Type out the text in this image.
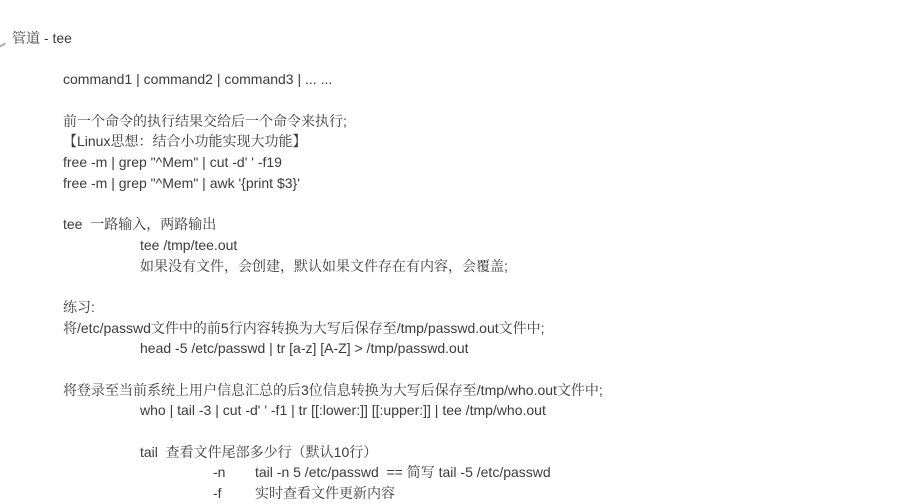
管道 - tee
command1 | command2 | command3 | ... ...
前一个命令的执行结果交给后一个命令来执行;
【Linux思想：结合小功能实现大功能】
free -m | grep "^Mem" | cut -d' ' -f19
free -m | grep "^Mem" | awk '{print $3}'
tee  一路输入，两路输出
tee /tmp/tee.out
如果没有文件，会创建，默认如果文件存在有内容，会覆盖;
练习:
将/etc/passwd文件中的前5行内容转换为大写后保存至/tmp/passwd.out文件中;
head -5 /etc/passwd | tr [a-z] [A-Z] > /tmp/passwd.out
将登录至当前系统上用户信息汇总的后3位信息转换为大写后保存至/tmp/who.out文件中;
who | tail -3 | cut -d' ' -f1 | tr [[:lower:]] [[:upper:]] | tee /tmp/who.out
tail  查看文件尾部多少行（默认10行）
-n tail -n 5 /etc/passwd  == 简写 tail -5 /etc/passwd
-f 实时查看文件更新内容
